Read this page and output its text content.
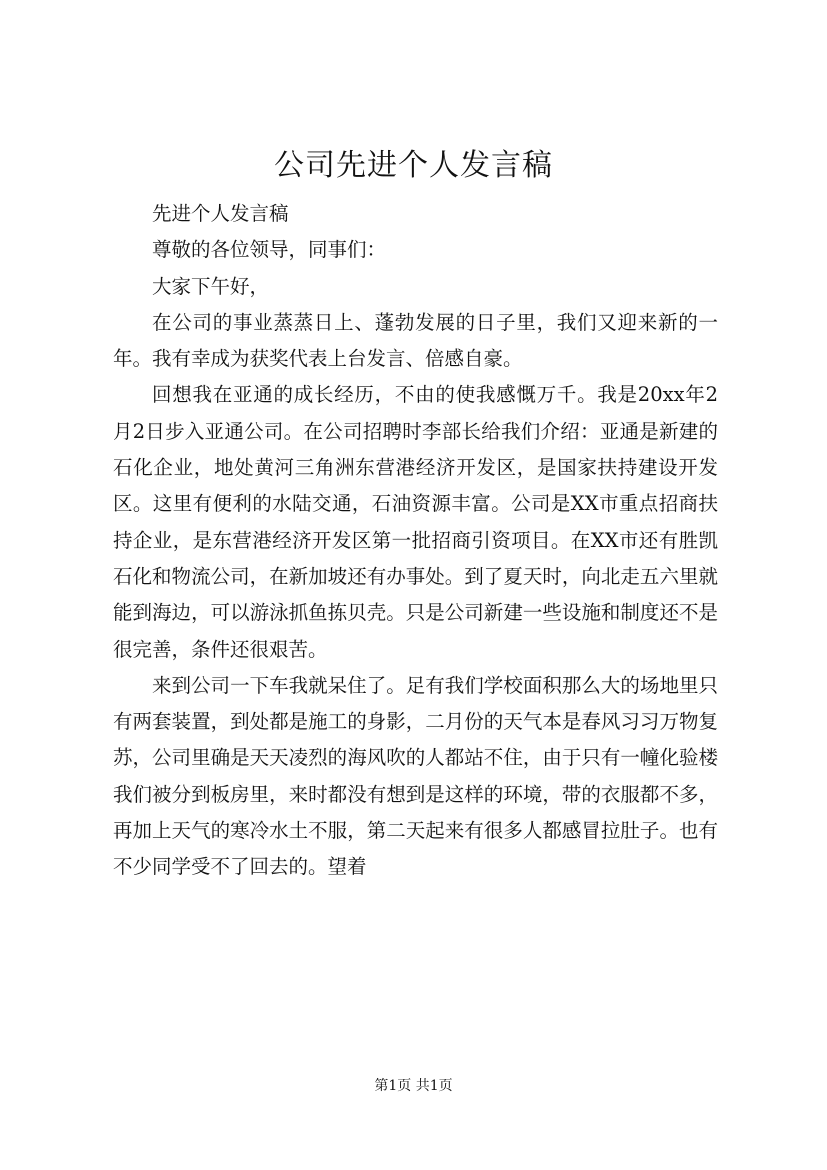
公司先进个人发言稿

先进个人发言稿

尊敬的各位领导，同事们：

大家下午好，

在公司的事业蒸蒸日上、蓬勃发展的日子里，我们又迎来新的一年。我有幸成为获奖代表上台发言、倍感自豪。

回想我在亚通的成长经历，不由的使我感慨万千。我是20xx年2月2日步入亚通公司。在公司招聘时李部长给我们介绍：亚通是新建的石化企业，地处黄河三角洲东营港经济开发区，是国家扶持建设开发区。这里有便利的水陆交通，石油资源丰富。公司是XX市重点招商扶持企业，是东营港经济开发区第一批招商引资项目。在XX市还有胜凯石化和物流公司，在新加坡还有办事处。到了夏天时，向北走五六里就能到海边，可以游泳抓鱼拣贝壳。只是公司新建一些设施和制度还不是很完善，条件还很艰苦。

来到公司一下车我就呆住了。足有我们学校面积那么大的场地里只有两套装置，到处都是施工的身影，二月份的天气本是春风习习万物复苏，公司里确是天天凌烈的海风吹的人都站不住，由于只有一幢化验楼我们被分到板房里，来时都没有想到是这样的环境，带的衣服都不多，再加上天气的寒冷水土不服，第二天起来有很多人都感冒拉肚子。也有不少同学受不了回去的。望着

第1页 共1页
